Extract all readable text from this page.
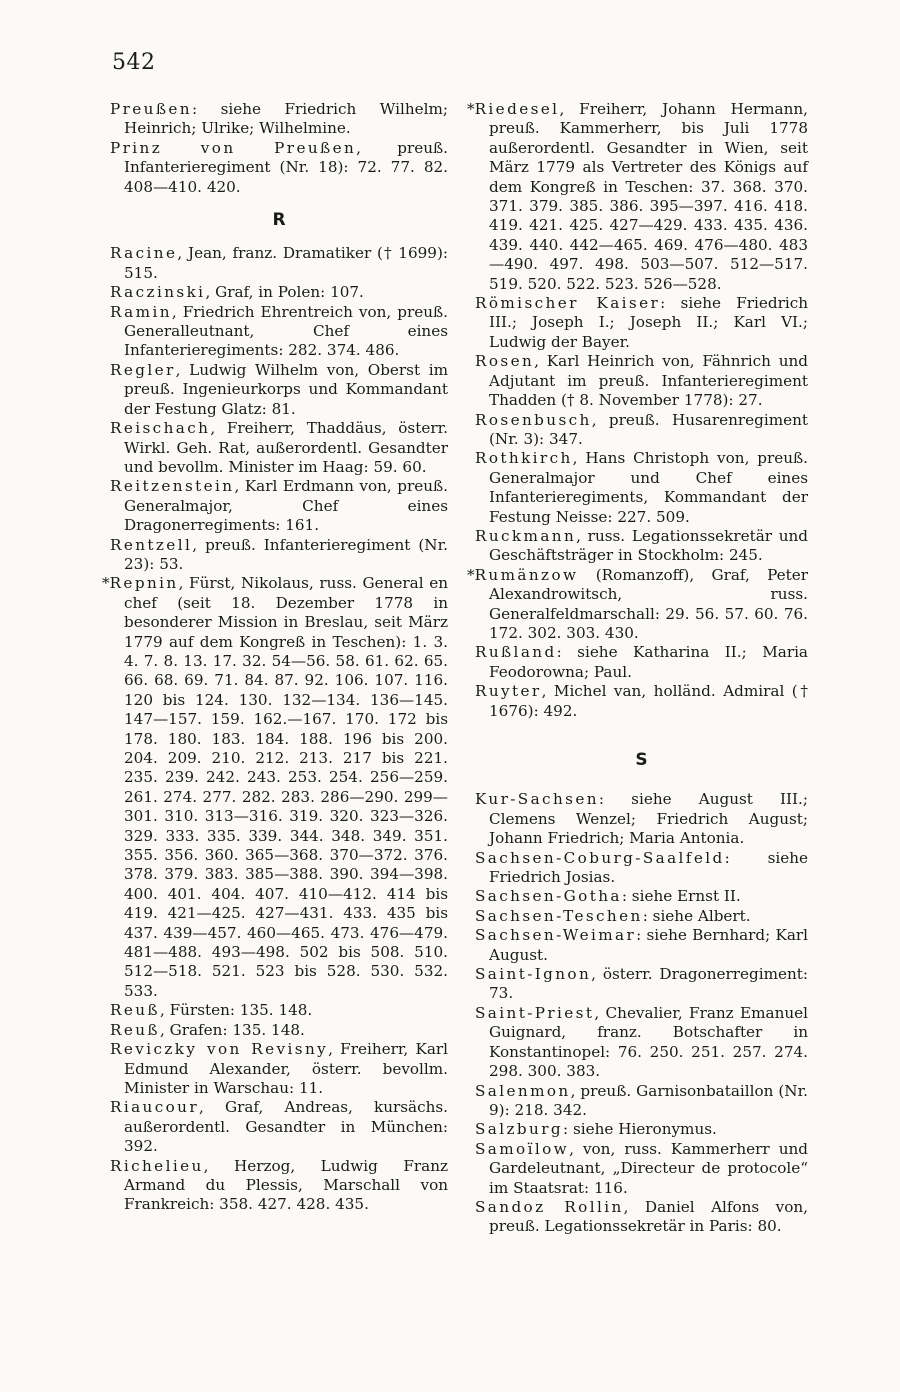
542
Preußen: siehe Friedrich Wilhelm; Heinrich; Ulrike; Wilhelmine.
Prinz von Preußen, preuß. Infanterieregiment (Nr. 18): 72. 77. 82. 408—410. 420.
R
Racine, Jean, franz. Dramatiker († 1699): 515.
Raczinski, Graf, in Polen: 107.
Ramin, Friedrich Ehrentreich von, preuß. Generalleutnant, Chef eines Infanterieregiments: 282. 374. 486.
Regler, Ludwig Wilhelm von, Oberst im preuß. Ingenieurkorps und Kommandant der Festung Glatz: 81.
Reischach, Freiherr, Thaddäus, österr. Wirkl. Geh. Rat, außerordentl. Gesandter und bevollm. Minister im Haag: 59. 60.
Reitzenstein, Karl Erdmann von, preuß. Generalmajor, Chef eines Dragonerregiments: 161.
Rentzell, preuß. Infanterieregiment (Nr. 23): 53.
*Repnin, Fürst, Nikolaus, russ. General en chef (seit 18. Dezember 1778 in besonderer Mission in Breslau, seit März 1779 auf dem Kongreß in Teschen): 1. 3. 4. 7. 8. 13. 17. 32. 54—56. 58. 61. 62. 65. 66. 68. 69. 71. 84. 87. 92. 106. 107. 116. 120 bis 124. 130. 132—134. 136—145. 147—157. 159. 162.—167. 170. 172 bis 178. 180. 183. 184. 188. 196 bis 200. 204. 209. 210. 212. 213. 217 bis 221. 235. 239. 242. 243. 253. 254. 256—259. 261. 274. 277. 282. 283. 286—290. 299—301. 310. 313—316. 319. 320. 323—326. 329. 333. 335. 339. 344. 348. 349. 351. 355. 356. 360. 365—368. 370—372. 376. 378. 379. 383. 385—388. 390. 394—398. 400. 401. 404. 407. 410—412. 414 bis 419. 421—425. 427—431. 433. 435 bis 437. 439—457. 460—465. 473. 476—479. 481—488. 493—498. 502 bis 508. 510. 512—518. 521. 523 bis 528. 530. 532. 533.
Reuß, Fürsten: 135. 148.
Reuß, Grafen: 135. 148.
Reviczky von Revisny, Freiherr, Karl Edmund Alexander, österr. bevollm. Minister in Warschau: 11.
Riaucour, Graf, Andreas, kursächs. außerordentl. Gesandter in München: 392.
Richelieu, Herzog, Ludwig Franz Armand du Plessis, Marschall von Frankreich: 358. 427. 428. 435.
*Riedesel, Freiherr, Johann Hermann, preuß. Kammerherr, bis Juli 1778 außerordentl. Gesandter in Wien, seit März 1779 als Vertreter des Königs auf dem Kongreß in Teschen: 37. 368. 370. 371. 379. 385. 386. 395—397. 416. 418. 419. 421. 425. 427—429. 433. 435. 436. 439. 440. 442—465. 469. 476—480. 483—490. 497. 498. 503—507. 512—517. 519. 520. 522. 523. 526—528.
Römischer Kaiser: siehe Friedrich III.; Joseph I.; Joseph II.; Karl VI.; Ludwig der Bayer.
Rosen, Karl Heinrich von, Fähnrich und Adjutant im preuß. Infanterieregiment Thadden († 8. November 1778): 27.
Rosenbusch, preuß. Husarenregiment (Nr. 3): 347.
Rothkirch, Hans Christoph von, preuß. Generalmajor und Chef eines Infanterieregiments, Kommandant der Festung Neisse: 227. 509.
Ruckmann, russ. Legationssekretär und Geschäftsträger in Stockholm: 245.
*Rumänzow (Romanzoff), Graf, Peter Alexandrowitsch, russ. Generalfeldmarschall: 29. 56. 57. 60. 76. 172. 302. 303. 430.
Rußland: siehe Katharina II.; Maria Feodorowna; Paul.
Ruyter, Michel van, holländ. Admiral († 1676): 492.
S
Kur-Sachsen: siehe August III.; Clemens Wenzel; Friedrich August; Johann Friedrich; Maria Antonia.
Sachsen-Coburg-Saalfeld: siehe Friedrich Josias.
Sachsen-Gotha: siehe Ernst II.
Sachsen-Teschen: siehe Albert.
Sachsen-Weimar: siehe Bernhard; Karl August.
Saint-Ignon, österr. Dragonerregiment: 73.
Saint-Priest, Chevalier, Franz Emanuel Guignard, franz. Botschafter in Konstantinopel: 76. 250. 251. 257. 274. 298. 300. 383.
Salenmon, preuß. Garnisonbataillon (Nr. 9): 218. 342.
Salzburg: siehe Hieronymus.
Samoïlow, von, russ. Kammerherr und Gardeleutnant, „Directeur de protocole“ im Staatsrat: 116.
Sandoz Rollin, Daniel Alfons von, preuß. Legationssekretär in Paris: 80.
